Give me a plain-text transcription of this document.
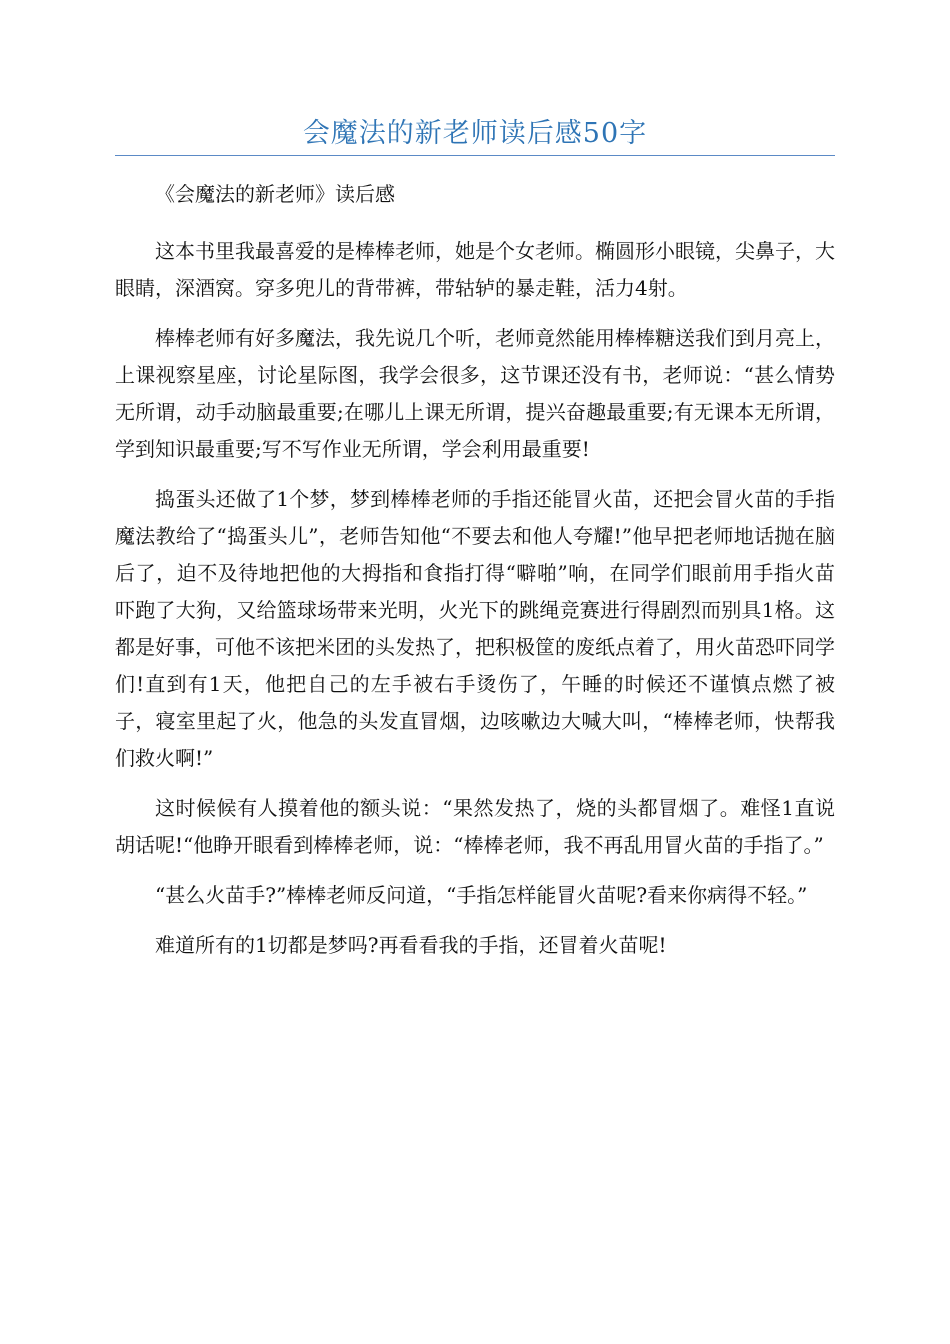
会魔法的新老师读后感50字

《会魔法的新老师》读后感

这本书里我最喜爱的是棒棒老师，她是个女老师。椭圆形小眼镜，尖鼻子，大眼睛，深酒窝。穿多兜儿的背带裤，带轱轳的暴走鞋，活力4射。

棒棒老师有好多魔法，我先说几个听，老师竟然能用棒棒糖送我们到月亮上，上课视察星座，讨论星际图，我学会很多，这节课还没有书，老师说：“甚么情势无所谓，动手动脑最重要;在哪儿上课无所谓，提兴奋趣最重要;有无课本无所谓，学到知识最重要;写不写作业无所谓，学会利用最重要!

捣蛋头还做了1个梦，梦到棒棒老师的手指还能冒火苗，还把会冒火苗的手指魔法教给了“捣蛋头儿”，老师告知他“不要去和他人夸耀!”他早把老师地话抛在脑后了，迫不及待地把他的大拇指和食指打得“噼啪”响，在同学们眼前用手指火苗吓跑了大狗，又给篮球场带来光明，火光下的跳绳竞赛进行得剧烈而别具1格。这都是好事，可他不该把米团的头发热了，把积极筐的废纸点着了，用火苗恐吓同学们!直到有1天，他把自己的左手被右手烫伤了，午睡的时候还不谨慎点燃了被子，寝室里起了火，他急的头发直冒烟，边咳嗽边大喊大叫，“棒棒老师，快帮我们救火啊!”

这时候候有人摸着他的额头说：“果然发热了，烧的头都冒烟了。难怪1直说胡话呢!“他睁开眼看到棒棒老师，说：“棒棒老师，我不再乱用冒火苗的手指了。”

“甚么火苗手?”棒棒老师反问道，“手指怎样能冒火苗呢?看来你病得不轻。”

难道所有的1切都是梦吗?再看看我的手指，还冒着火苗呢!
